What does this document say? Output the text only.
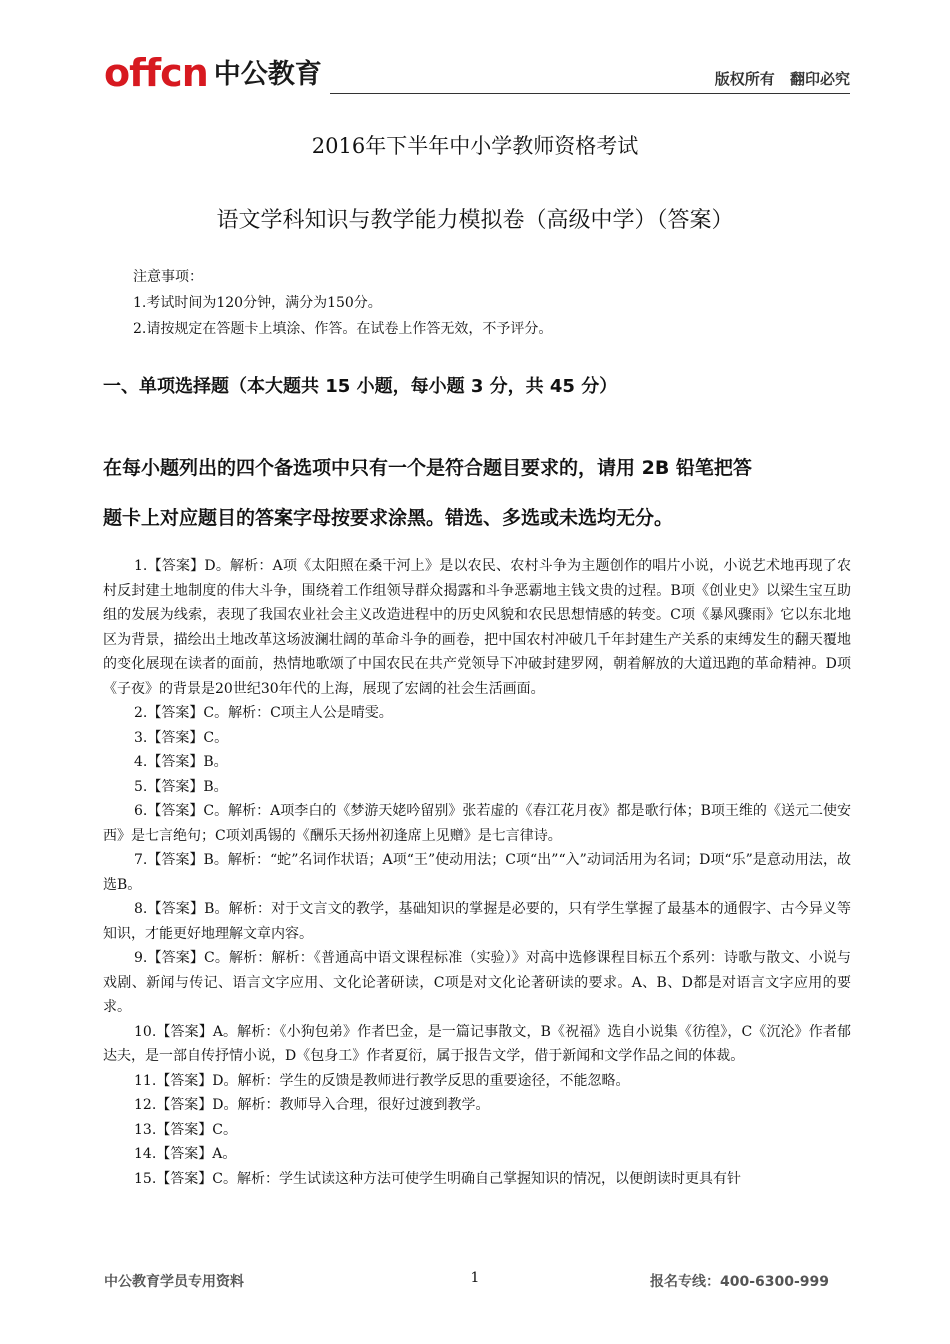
offcn 中公教育	版权所有 翻印必究
2016年下半年中小学教师资格考试
语文学科知识与教学能力模拟卷（高级中学）（答案）
注意事项：
1.考试时间为120分钟，满分为150分。
2.请按规定在答题卡上填涂、作答。在试卷上作答无效，不予评分。
一、单项选择题（本大题共 15 小题，每小题 3 分，共 45 分）
在每小题列出的四个备选项中只有一个是符合题目要求的，请用 2B 铅笔把答
题卡上对应题目的答案字母按要求涂黑。错选、多选或未选均无分。
1.【答案】D。解析：A项《太阳照在桑干河上》是以农民、农村斗争为主题创作的唱片小说，小说艺术地再现了农村反封建土地制度的伟大斗争，围绕着工作组领导群众揭露和斗争恶霸地主钱文贵的过程。B项《创业史》以梁生宝互助组的发展为线索，表现了我国农业社会主义改造进程中的历史风貌和农民思想情感的转变。C项《暴风骤雨》它以东北地区为背景，描绘出土地改革这场波澜壮阔的革命斗争的画卷，把中国农村冲破几千年封建生产关系的束缚发生的翻天覆地的变化展现在读者的面前，热情地歌颂了中国农民在共产党领导下冲破封建罗网，朝着解放的大道迅跑的革命精神。D项《子夜》的背景是20世纪30年代的上海，展现了宏阔的社会生活画面。
2.【答案】C。解析：C项主人公是晴雯。
3.【答案】C。
4.【答案】B。
5.【答案】B。
6.【答案】C。解析：A项李白的《梦游天姥吟留别》张若虚的《春江花月夜》都是歌行体；B项王维的《送元二使安西》是七言绝句；C项刘禹锡的《酬乐天扬州初逢席上见赠》是七言律诗。
7.【答案】B。解析：“蛇”名词作状语；A项“王”使动用法；C项“出”“入”动词活用为名词；D项“乐”是意动用法，故选B。
8.【答案】B。解析：对于文言文的教学，基础知识的掌握是必要的，只有学生掌握了最基本的通假字、古今异义等知识，才能更好地理解文章内容。
9.【答案】C。解析：解析：《普通高中语文课程标准（实验）》对高中选修课程目标五个系列：诗歌与散文、小说与戏剧、新闻与传记、语言文字应用、文化论著研读，C项是对文化论著研读的要求。A、B、D都是对语言文字应用的要求。
10.【答案】A。解析：《小狗包弟》作者巴金，是一篇记事散文，B《祝福》选自小说集《彷徨》，C《沉沦》作者郁达夫，是一部自传抒情小说，D《包身工》作者夏衍，属于报告文学，借于新闻和文学作品之间的体裁。
11.【答案】D。解析：学生的反馈是教师进行教学反思的重要途径，不能忽略。
12.【答案】D。解析：教师导入合理，很好过渡到教学。
13.【答案】C。
14.【答案】A。
15.【答案】C。解析：学生试读这种方法可使学生明确自己掌握知识的情况，以便朗读时更具有针
中公教育学员专用资料	1	报名专线：400-6300-999
